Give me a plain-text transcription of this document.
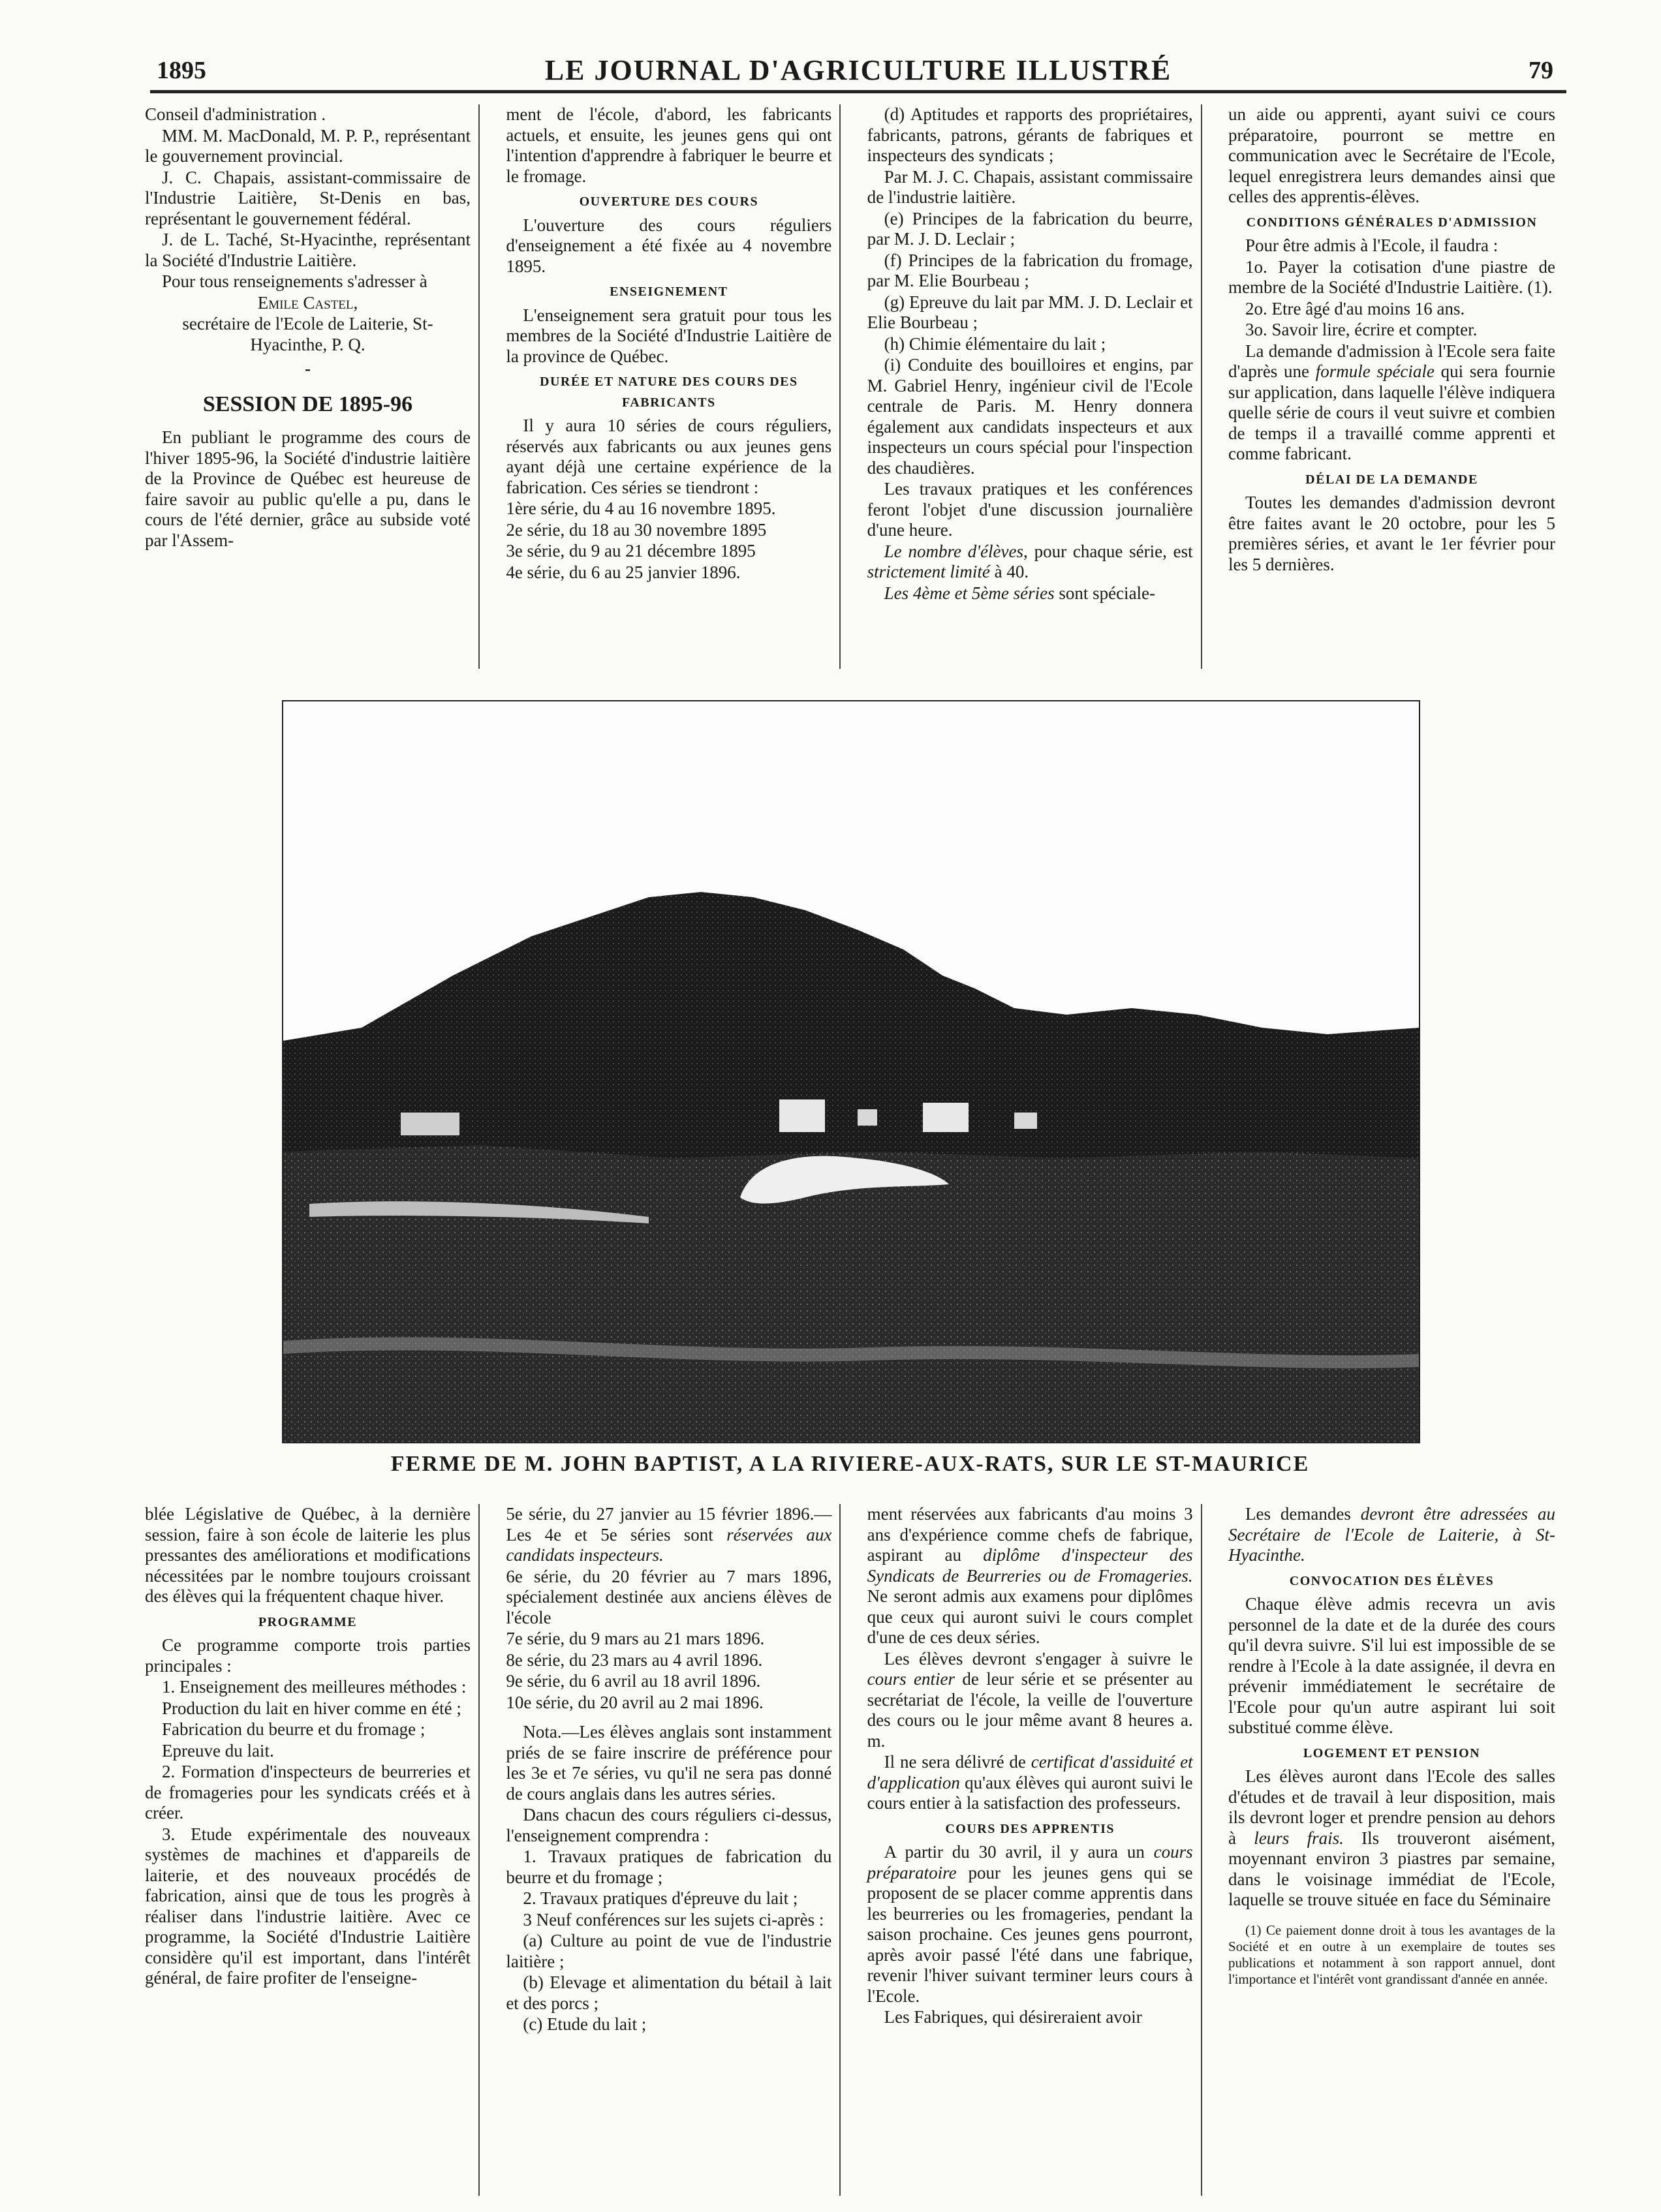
1895	LE JOURNAL D'AGRICULTURE ILLUSTRÉ	79

Conseil d'administration .

MM. M. MacDonald, M. P. P., représentant le gouvernement provincial.

J. C. Chapais, assistant-commissaire de l'Industrie Laitière, St-Denis en bas, représentant le gouvernement fédéral.

J. de L. Taché, St-Hyacinthe, représentant la Société d'Industrie Laitière.

Pour tous renseignements s'adresser à

Emile Castel,

secrétaire de l'Ecole de Laiterie, St-Hyacinthe, P. Q.

-

SESSION DE 1895-96

En publiant le programme des cours de l'hiver 1895-96, la Société d'industrie laitière de la Province de Québec est heureuse de faire savoir au public qu'elle a pu, dans le cours de l'été dernier, grâce au subside voté par l'Assem-

ment de l'école, d'abord, les fabricants actuels, et ensuite, les jeunes gens qui ont l'intention d'apprendre à fabriquer le beurre et le fromage.

OUVERTURE DES COURS

L'ouverture des cours réguliers d'enseignement a été fixée au 4 novembre 1895.

ENSEIGNEMENT

L'enseignement sera gratuit pour tous les membres de la Société d'Industrie Laitière de la province de Québec.

DURÉE ET NATURE DES COURS DES FABRICANTS

Il y aura 10 séries de cours réguliers, réservés aux fabricants ou aux jeunes gens ayant déjà une certaine expérience de la fabrication. Ces séries se tiendront :

1ère série, du 4 au 16 novembre 1895.

2e série, du 18 au 30 novembre 1895

3e série, du 9 au 21 décembre 1895

4e série, du 6 au 25 janvier 1896.

(d) Aptitudes et rapports des propriétaires, fabricants, patrons, gérants de fabriques et inspecteurs des syndicats ;

Par M. J. C. Chapais, assistant commissaire de l'industrie laitière.

(e) Principes de la fabrication du beurre, par M. J. D. Leclair ;

(f) Principes de la fabrication du fromage, par M. Elie Bourbeau ;

(g) Epreuve du lait par MM. J. D. Leclair et Elie Bourbeau ;

(h) Chimie élémentaire du lait ;

(i) Conduite des bouilloires et engins, par M. Gabriel Henry, ingénieur civil de l'Ecole centrale de Paris. M. Henry donnera également aux candidats inspecteurs et aux inspecteurs un cours spécial pour l'inspection des chaudières.

Les travaux pratiques et les conférences feront l'objet d'une discussion journalière d'une heure.

Le nombre d'élèves, pour chaque série, est strictement limité à 40.

Les 4ème et 5ème séries sont spéciale-

un aide ou apprenti, ayant suivi ce cours préparatoire, pourront se mettre en communication avec le Secrétaire de l'Ecole, lequel enregistrera leurs demandes ainsi que celles des apprentis-élèves.

CONDITIONS GÉNÉRALES D'ADMISSION

Pour être admis à l'Ecole, il faudra :

1o. Payer la cotisation d'une piastre de membre de la Société d'Industrie Laitière. (1).

2o. Etre âgé d'au moins 16 ans.

3o. Savoir lire, écrire et compter.

La demande d'admission à l'Ecole sera faite d'après une formule spéciale qui sera fournie sur application, dans laquelle l'élève indiquera quelle série de cours il veut suivre et combien de temps il a travaillé comme apprenti et comme fabricant.

DÉLAI DE LA DEMANDE

Toutes les demandes d'admission devront être faites avant le 20 octobre, pour les 5 premières séries, et avant le 1er février pour les 5 dernières.

FERME DE M. JOHN BAPTIST, A LA RIVIERE-AUX-RATS, SUR LE ST-MAURICE

blée Législative de Québec, à la dernière session, faire à son école de laiterie les plus pressantes des améliorations et modifications nécessitées par le nombre toujours croissant des élèves qui la fréquentent chaque hiver.

PROGRAMME

Ce programme comporte trois parties principales :

1. Enseignement des meilleures méthodes :

Production du lait en hiver comme en été ;

Fabrication du beurre et du fromage ;

Epreuve du lait.

2. Formation d'inspecteurs de beurreries et de fromageries pour les syndicats créés et à créer.

3. Etude expérimentale des nouveaux systèmes de machines et d'appareils de laiterie, et des nouveaux procédés de fabrication, ainsi que de tous les progrès à réaliser dans l'industrie laitière. Avec ce programme, la Société d'Industrie Laitière considère qu'il est important, dans l'intérêt général, de faire profiter de l'enseigne-

5e série, du 27 janvier au 15 février 1896.—Les 4e et 5e séries sont réservées aux candidats inspecteurs.

6e série, du 20 février au 7 mars 1896, spécialement destinée aux anciens élèves de l'école

7e série, du 9 mars au 21 mars 1896.

8e série, du 23 mars au 4 avril 1896.

9e série, du 6 avril au 18 avril 1896.

10e série, du 20 avril au 2 mai 1896.

Nota.—Les élèves anglais sont instamment priés de se faire inscrire de préférence pour les 3e et 7e séries, vu qu'il ne sera pas donné de cours anglais dans les autres séries.

Dans chacun des cours réguliers ci-dessus, l'enseignement comprendra :

1. Travaux pratiques de fabrication du beurre et du fromage ;

2. Travaux pratiques d'épreuve du lait ;

3 Neuf conférences sur les sujets ci-après :

(a) Culture au point de vue de l'industrie laitière ;

(b) Elevage et alimentation du bétail à lait et des porcs ;

(c) Etude du lait ;

ment réservées aux fabricants d'au moins 3 ans d'expérience comme chefs de fabrique, aspirant au diplôme d'inspecteur des Syndicats de Beurreries ou de Fromageries. Ne seront admis aux examens pour diplômes que ceux qui auront suivi le cours complet d'une de ces deux séries.

Les élèves devront s'engager à suivre le cours entier de leur série et se présenter au secrétariat de l'école, la veille de l'ouverture des cours ou le jour même avant 8 heures a. m.

Il ne sera délivré de certificat d'assiduité et d'application qu'aux élèves qui auront suivi le cours entier à la satisfaction des professeurs.

COURS DES APPRENTIS

A partir du 30 avril, il y aura un cours préparatoire pour les jeunes gens qui se proposent de se placer comme apprentis dans les beurreries ou les fromageries, pendant la saison prochaine. Ces jeunes gens pourront, après avoir passé l'été dans une fabrique, revenir l'hiver suivant terminer leurs cours à l'Ecole.

Les Fabriques, qui désireraient avoir

Les demandes devront être adressées au Secrétaire de l'Ecole de Laiterie, à St-Hyacinthe.

CONVOCATION DES ÉLÈVES

Chaque élève admis recevra un avis personnel de la date et de la durée des cours qu'il devra suivre. S'il lui est impossible de se rendre à l'Ecole à la date assignée, il devra en prévenir immédiatement le secrétaire de l'Ecole pour qu'un autre aspirant lui soit substitué comme élève.

LOGEMENT ET PENSION

Les élèves auront dans l'Ecole des salles d'études et de travail à leur disposition, mais ils devront loger et prendre pension au dehors à leurs frais. Ils trouveront aisément, moyennant environ 3 piastres par semaine, dans le voisinage immédiat de l'Ecole, laquelle se trouve située en face du Séminaire

(1) Ce paiement donne droit à tous les avantages de la Société et en outre à un exemplaire de toutes ses publications et notamment à son rapport annuel, dont l'importance et l'intérêt vont grandissant d'année en année.
